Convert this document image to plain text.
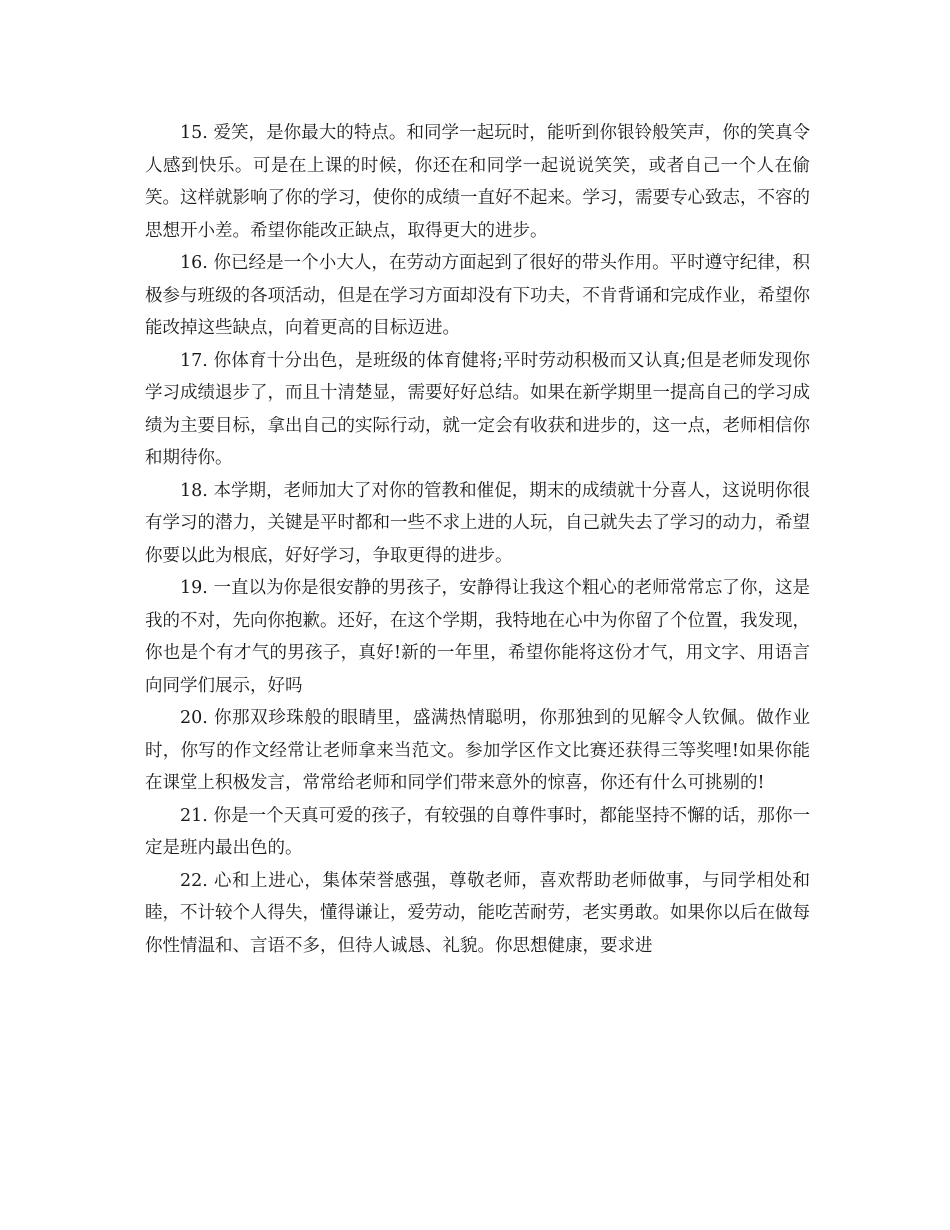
15. 爱笑，是你最大的特点。和同学一起玩时，能听到你银铃般笑声，你的笑真令人感到快乐。可是在上课的时候，你还在和同学一起说说笑笑，或者自己一个人在偷笑。这样就影响了你的学习，使你的成绩一直好不起来。学习，需要专心致志，不容的思想开小差。希望你能改正缺点，取得更大的进步。

16. 你已经是一个小大人，在劳动方面起到了很好的带头作用。平时遵守纪律，积极参与班级的各项活动，但是在学习方面却没有下功夫，不肯背诵和完成作业，希望你能改掉这些缺点，向着更高的目标迈进。

17. 你体育十分出色，是班级的体育健将;平时劳动积极而又认真;但是老师发现你学习成绩退步了，而且十清楚显，需要好好总结。如果在新学期里一提高自己的学习成绩为主要目标，拿出自己的实际行动，就一定会有收获和进步的，这一点，老师相信你和期待你。

18. 本学期，老师加大了对你的管教和催促，期末的成绩就十分喜人，这说明你很有学习的潜力，关键是平时都和一些不求上进的人玩，自己就失去了学习的动力，希望你要以此为根底，好好学习，争取更得的进步。

19. 一直以为你是很安静的男孩子，安静得让我这个粗心的老师常常忘了你，这是我的不对，先向你抱歉。还好，在这个学期，我特地在心中为你留了个位置，我发现，你也是个有才气的男孩子，真好!新的一年里，希望你能将这份才气，用文字、用语言向同学们展示，好吗

20. 你那双珍珠般的眼睛里，盛满热情聪明，你那独到的见解令人钦佩。做作业时，你写的作文经常让老师拿来当范文。参加学区作文比赛还获得三等奖哩!如果你能在课堂上积极发言，常常给老师和同学们带来意外的惊喜，你还有什么可挑剔的!

21. 你是一个天真可爱的孩子，有较强的自尊件事时，都能坚持不懈的话，那你一定是班内最出色的。

22. 心和上进心，集体荣誉感强，尊敬老师，喜欢帮助老师做事，与同学相处和睦，不计较个人得失，懂得谦让，爱劳动，能吃苦耐劳，老实勇敢。如果你以后在做每你性情温和、言语不多，但待人诚恳、礼貌。你思想健康，要求进
